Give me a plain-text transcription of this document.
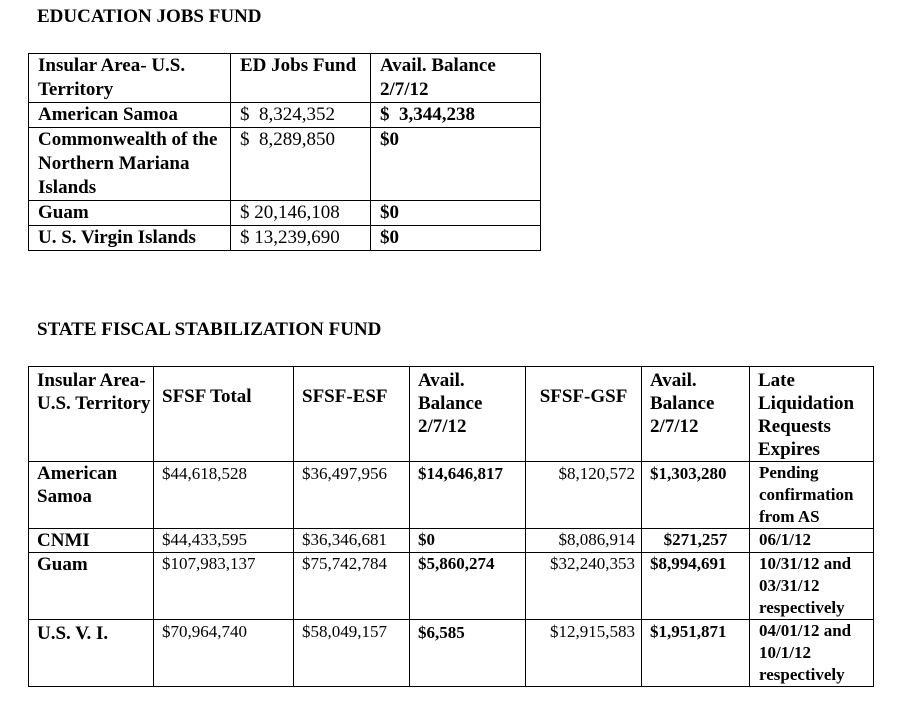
EDUCATION JOBS FUND
Insular Area- U.S. Territory	ED Jobs Fund	Avail. Balance 2/7/12
American Samoa	$  8,324,352	$  3,344,238
Commonwealth of the Northern Mariana Islands	$  8,289,850	$0
Guam	$ 20,146,108	$0
U. S. Virgin Islands	$ 13,239,690	$0
STATE FISCAL STABILIZATION FUND
Insular Area- U.S. Territory	SFSF Total	SFSF-ESF	Avail. Balance 2/7/12	SFSF-GSF	Avail. Balance 2/7/12	Late Liquidation Requests Expires
American Samoa	$44,618,528	$36,497,956	$14,646,817	$8,120,572	$1,303,280	Pending confirmation from AS
CNMI	$44,433,595	$36,346,681	$0	$8,086,914	$271,257	06/1/12
Guam	$107,983,137	$75,742,784	$5,860,274	$32,240,353	$8,994,691	10/31/12 and 03/31/12 respectively
U.S. V. I.	$70,964,740	$58,049,157	$6,585	$12,915,583	$1,951,871	04/01/12 and 10/1/12 respectively
